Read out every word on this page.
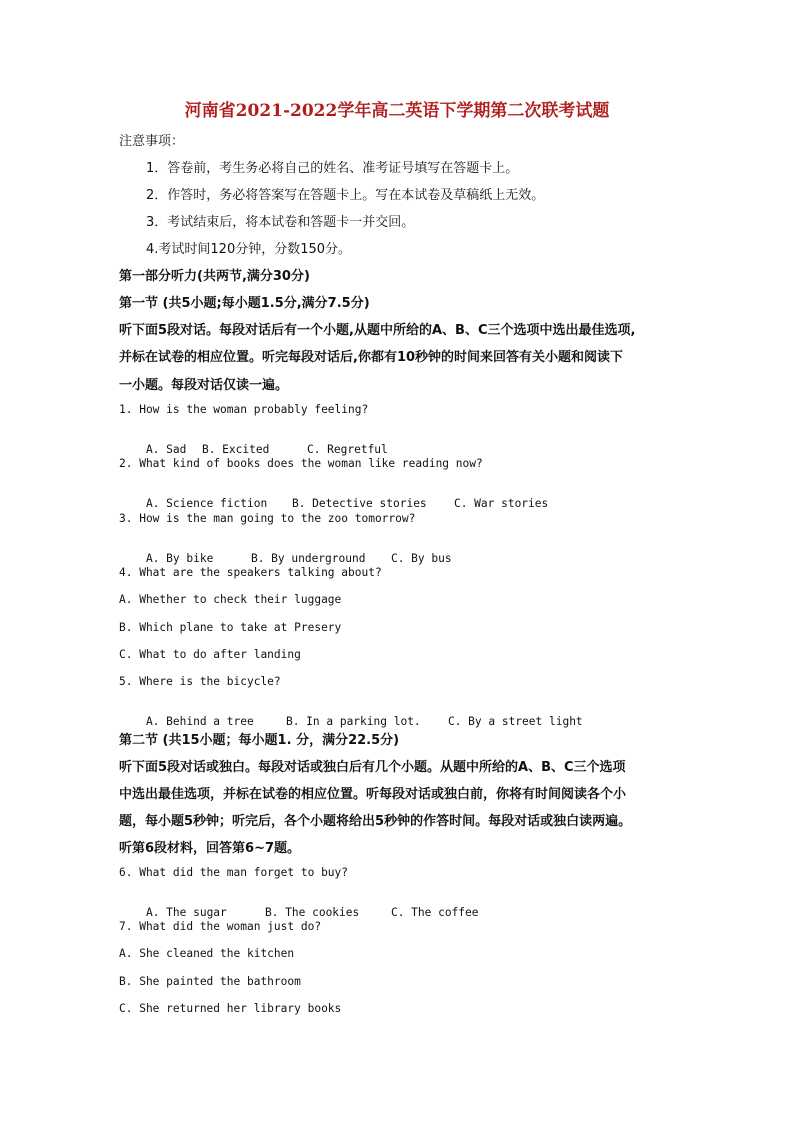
河南省2021-2022学年高二英语下学期第二次联考试题
注意事项：
1．答卷前，考生务必将自己的姓名、准考证号填写在答题卡上。
2．作答时，务必将答案写在答题卡上。写在本试卷及草稿纸上无效。
3．考试结束后，将本试卷和答题卡一并交回。
4.考试时间120分钟，分数150分。
第一部分听力(共两节,满分30分)
第一节 (共5小题;每小题1.5分,满分7.5分)
听下面5段对话。每段对话后有一个小题,从题中所给的A、B、C三个选项中选出最佳选项,
并标在试卷的相应位置。听完每段对话后,你都有10秒钟的时间来回答有关小题和阅读下
一小题。每段对话仅读一遍。
1. How is the woman probably feeling?

A. Sad B. Excited	C. Regretful

2. What kind of books does the woman like reading now?

A. Science fiction B. Detective stories C. War stories

3. How is the man going to the zoo tomorrow?

A. By bike	B. By underground C. By bus

4. What are the speakers talking about?
A. Whether to check their luggage
B. Which plane to take at Presery
C. What to do after landing
5. Where is the bicycle?

A. Behind a tree	B. In a parking lot. C. By a street light

第二节 (共15小题；每小题1. 分，满分22.5分)
听下面5段对话或独白。每段对话或独白后有几个小题。从题中所给的A、B、C三个选项
中选出最佳选项，并标在试卷的相应位置。听每段对话或独白前，你将有时间阅读各个小
题，每小题5秒钟；听完后，各个小题将给出5秒钟的作答时间。每段对话或独白读两遍。
听第6段材料，回答第6~7题。
6. What did the man forget to buy?

A. The sugar	B. The cookies	C. The coffee

7. What did the woman just do?
A. She cleaned the kitchen
B. She painted the bathroom
C. She returned her library books
